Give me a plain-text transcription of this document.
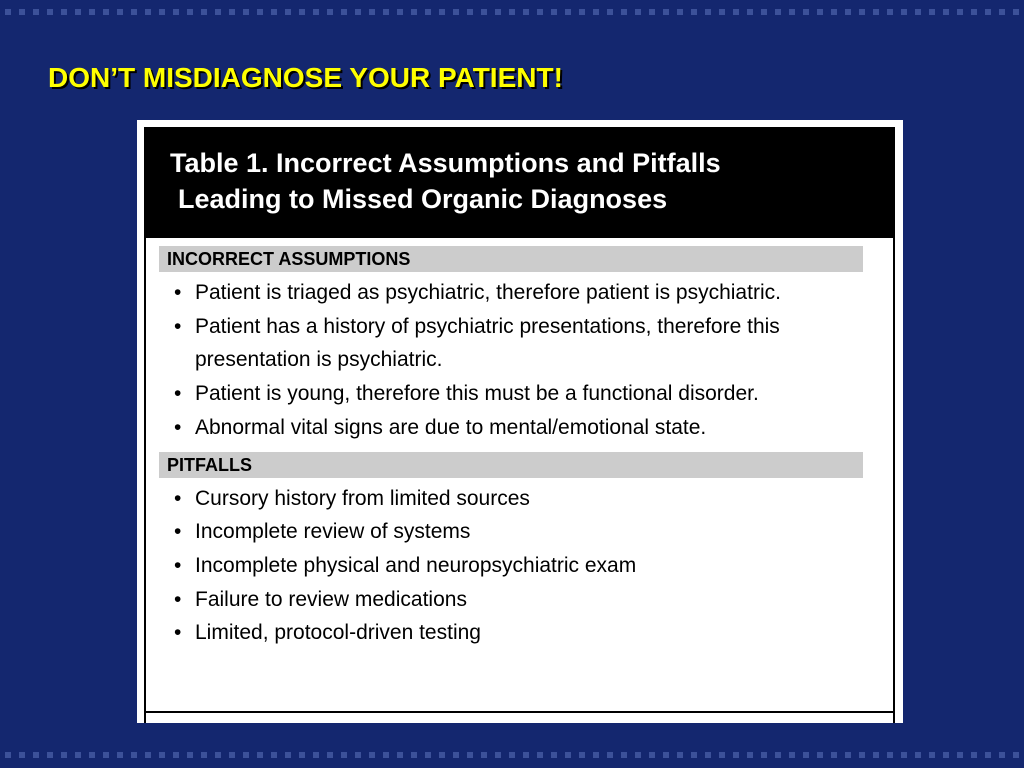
DON’T MISDIAGNOSE YOUR PATIENT!
Table 1. Incorrect Assumptions and Pitfalls
Leading to Missed Organic Diagnoses
INCORRECT ASSUMPTIONS
• Patient is triaged as psychiatric, therefore patient is psychiatric.
• Patient has a history of psychiatric presentations, therefore this presentation is psychiatric.
• Patient is young, therefore this must be a functional disorder.
• Abnormal vital signs are due to mental/emotional state.
PITFALLS
• Cursory history from limited sources
• Incomplete review of systems
• Incomplete physical and neuropsychiatric exam
• Failure to review medications
• Limited, protocol-driven testing
